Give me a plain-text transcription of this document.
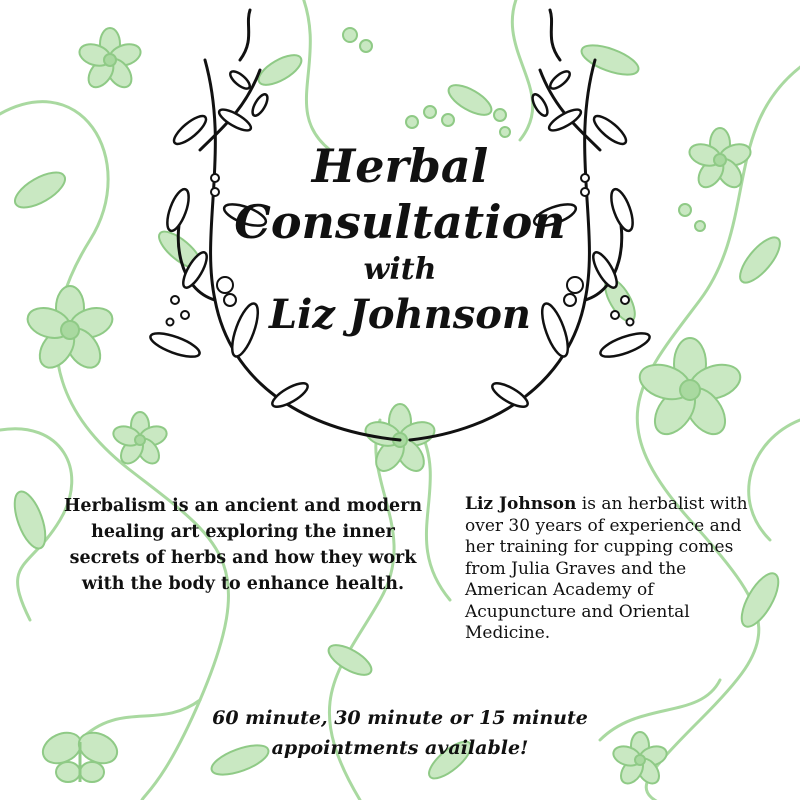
Herbal
Consultation
with
Liz Johnson
Herbalism is an ancient and modern healing art exploring the inner secrets of herbs and how they work with the body to enhance health.
Liz Johnson is an herbalist with over 30 years of experience and her training for cupping comes from Julia Graves and the American Academy of Acupuncture and Oriental Medicine.
60 minute, 30 minute or 15 minute
appointments available!
